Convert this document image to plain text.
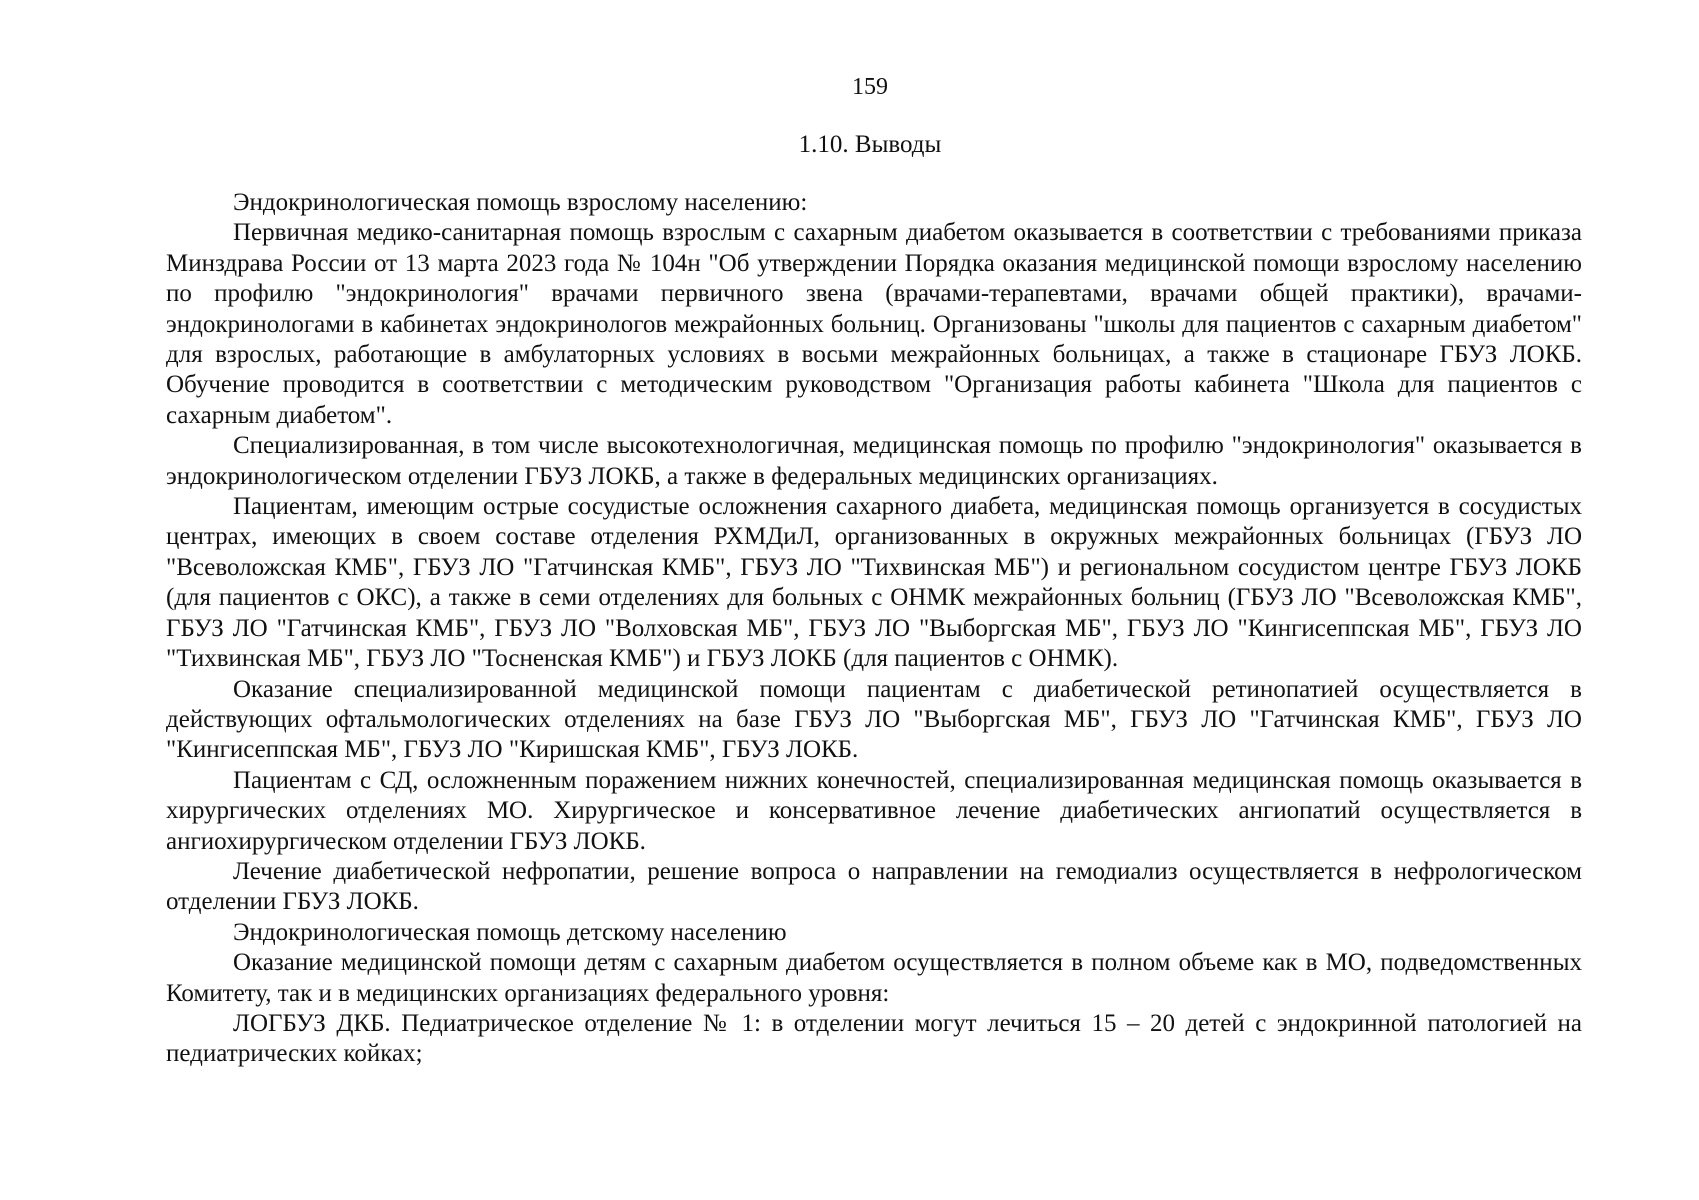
159
1.10. Выводы

Эндокринологическая помощь взрослому населению:

Первичная медико-санитарная помощь взрослым с сахарным диабетом оказывается в соответствии с требованиями приказа Минздрава России от 13 марта 2023 года № 104н "Об утверждении Порядка оказания медицинской помощи взрослому населению по профилю "эндокринология" врачами первичного звена (врачами-терапевтами, врачами общей практики), врачами-эндокринологами в кабинетах эндокринологов межрайонных больниц. Организованы "школы для пациентов с сахарным диабетом" для взрослых, работающие в амбулаторных условиях в восьми межрайонных больницах, а также в стационаре ГБУЗ ЛОКБ. Обучение проводится в соответствии с методическим руководством "Организация работы кабинета "Школа для пациентов с сахарным диабетом".

Специализированная, в том числе высокотехнологичная, медицинская помощь по профилю "эндокринология" оказывается в эндокринологическом отделении ГБУЗ ЛОКБ, а также в федеральных медицинских организациях.

Пациентам, имеющим острые сосудистые осложнения сахарного диабета, медицинская помощь организуется в сосудистых центрах, имеющих в своем составе отделения РХМДиЛ, организованных в окружных межрайонных больницах (ГБУЗ ЛО "Всеволожская КМБ", ГБУЗ ЛО "Гатчинская КМБ", ГБУЗ ЛО "Тихвинская МБ") и региональном сосудистом центре ГБУЗ ЛОКБ (для пациентов с ОКС), а также в семи отделениях для больных с ОНМК межрайонных больниц (ГБУЗ ЛО "Всеволожская КМБ", ГБУЗ ЛО "Гатчинская КМБ", ГБУЗ ЛО "Волховская МБ", ГБУЗ ЛО "Выборгская МБ", ГБУЗ ЛО "Кингисеппская МБ", ГБУЗ ЛО "Тихвинская МБ", ГБУЗ ЛО "Тосненская КМБ") и ГБУЗ ЛОКБ (для пациентов с ОНМК).

Оказание специализированной медицинской помощи пациентам с диабетической ретинопатией осуществляется в действующих офтальмологических отделениях на базе ГБУЗ ЛО "Выборгская МБ", ГБУЗ ЛО "Гатчинская КМБ", ГБУЗ ЛО "Кингисеппская МБ", ГБУЗ ЛО "Киришская КМБ", ГБУЗ ЛОКБ.

Пациентам с СД, осложненным поражением нижних конечностей, специализированная медицинская помощь оказывается в хирургических отделениях МО. Хирургическое и консервативное лечение диабетических ангиопатий осуществляется в ангиохирургическом отделении ГБУЗ ЛОКБ.

Лечение диабетической нефропатии, решение вопроса о направлении на гемодиализ осуществляется в нефрологическом отделении ГБУЗ ЛОКБ.

Эндокринологическая помощь детскому населению

Оказание медицинской помощи детям с сахарным диабетом осуществляется в полном объеме как в МО, подведомственных Комитету, так и в медицинских организациях федерального уровня:

ЛОГБУЗ ДКБ. Педиатрическое отделение № 1: в отделении могут лечиться 15 – 20 детей с эндокринной патологией на педиатрических койках;
